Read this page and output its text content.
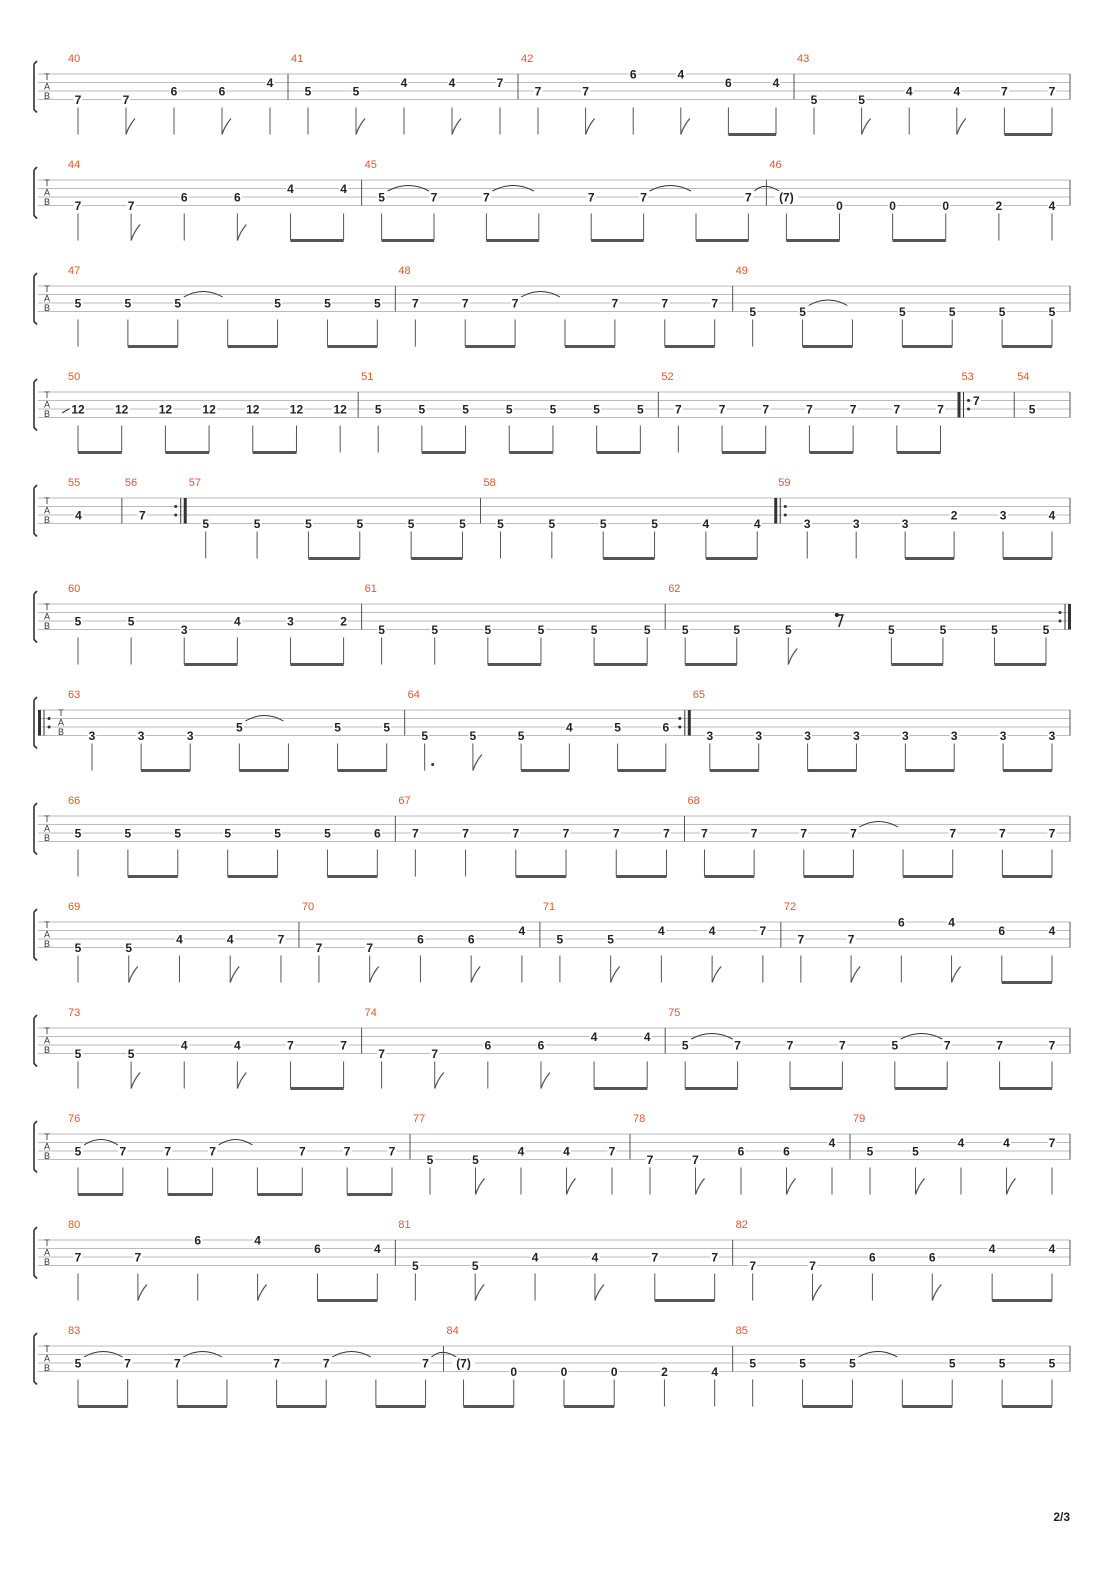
T
A
B
40
7	7
6	6
4
41
5	5
4	4	7
42
7	7
6	4
6	4
43
5	5
4	4	7	7
T
A
B
44
7	7
6	6
4	4
45
5	7	7	7	7	7
46
(7)
0	0	0	2	4
T
A
B
47
5	5	5	5	5	5
48
7	7	7	7	7	7
49
5	5	5	5	5	5
T
A
B
50
12	12	12	12	12	12	12
51
5	5	5	5	5	5	5
52
7	7	7	7	7	7	7
53
7
54
5
T
A
B
55
4
56
7
57
5	5	5	5	5	5
58
5	5	5	5	4	4
59
3	3	3
2	3	4
T
A
B
60
5	5
3
4	3	2
61
5	5	5	5	5	5
62
5	5	5	5	5	5	5
T
A
B
63
3	3	3
5	5	5
64
5	5	5
4	5	6
65
3	3	3	3	3	3	3	3
T
A
B
66
5	5	5	5	5	5	6
67
7	7	7	7	7	7
68
7	7	7	7	7	7	7
T
A
B
69
5	5
4	4	7
70
7	7
6	6
4
71
5	5
4	4	7
72
7	7
6	4
6	4
T
A
B
73
5	5
4	4	7	7
74
7	7
6	6
4	4
75
5	7	7	7	5	7	7	7
T
A
B
76
5	7	7	7	7	7	7
77
5	5
4	4	7
78
7	7
6	6
4
79
5	5
4	4	7
T
A
B
80
7	7
6	4
6	4
81
5	5
4	4	7	7
82
7	7
6	6
4	4
T
A
B
83
5	7	7	7	7	7
84
(7)
0	0	0	2	4
85
5	5	5	5	5	5
2/3
